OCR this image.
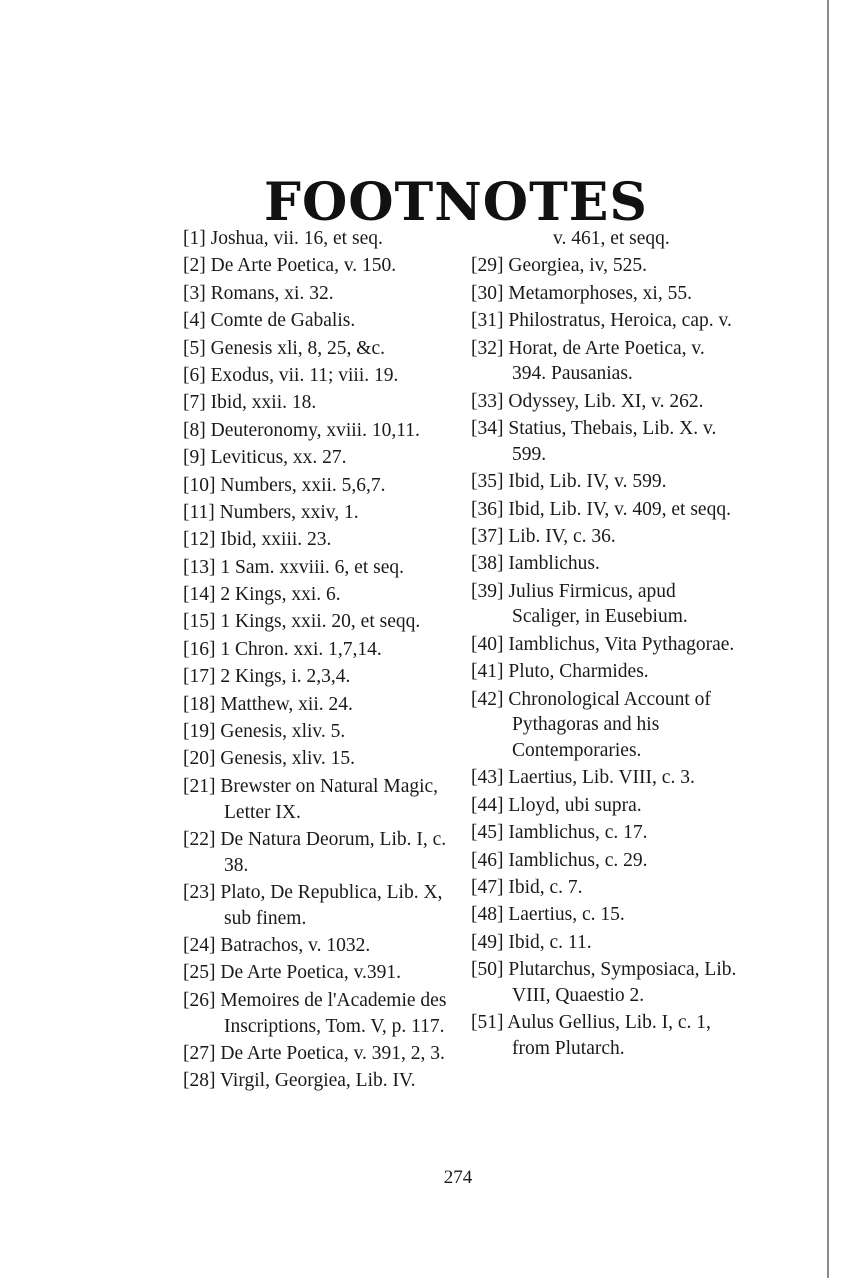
FOOTNOTES
[1] Joshua, vii. 16, et seq.
[2] De Arte Poetica, v. 150.
[3] Romans, xi. 32.
[4] Comte de Gabalis.
[5] Genesis xli, 8, 25, &c.
[6] Exodus, vii. 11; viii. 19.
[7] Ibid, xxii. 18.
[8] Deuteronomy, xviii. 10,11.
[9] Leviticus, xx. 27.
[10] Numbers, xxii. 5,6,7.
[11] Numbers, xxiv, 1.
[12] Ibid, xxiii. 23.
[13] 1 Sam. xxviii. 6, et seq.
[14] 2 Kings, xxi. 6.
[15] 1 Kings, xxii. 20, et seqq.
[16] 1 Chron. xxi. 1,7,14.
[17] 2 Kings, i. 2,3,4.
[18] Matthew, xii. 24.
[19] Genesis, xliv. 5.
[20] Genesis, xliv. 15.
[21] Brewster on Natural Magic, Letter IX.
[22] De Natura Deorum, Lib. I, c. 38.
[23] Plato, De Republica, Lib. X, sub finem.
[24] Batrachos, v. 1032.
[25] De Arte Poetica, v.391.
[26] Memoires de l'Academie des Inscriptions, Tom. V, p. 117.
[27] De Arte Poetica, v. 391, 2, 3.
[28] Virgil, Georgiea, Lib. IV.
v. 461, et seqq.
[29] Georgiea, iv, 525.
[30] Metamorphoses, xi, 55.
[31] Philostratus, Heroica, cap. v.
[32] Horat, de Arte Poetica, v. 394. Pausanias.
[33] Odyssey, Lib. XI, v. 262.
[34] Statius, Thebais, Lib. X. v. 599.
[35] Ibid, Lib. IV, v. 599.
[36] Ibid, Lib. IV, v. 409, et seqq.
[37] Lib. IV, c. 36.
[38] Iamblichus.
[39] Julius Firmicus, apud Scaliger, in Eusebium.
[40] Iamblichus, Vita Pythagorae.
[41] Pluto, Charmides.
[42] Chronological Account of Pythagoras and his Contemporaries.
[43] Laertius, Lib. VIII, c. 3.
[44] Lloyd, ubi supra.
[45] Iamblichus, c. 17.
[46] Iamblichus, c. 29.
[47] Ibid, c. 7.
[48] Laertius, c. 15.
[49] Ibid, c. 11.
[50] Plutarchus, Symposiaca, Lib. VIII, Quaestio 2.
[51] Aulus Gellius, Lib. I, c. 1, from Plutarch.
274
